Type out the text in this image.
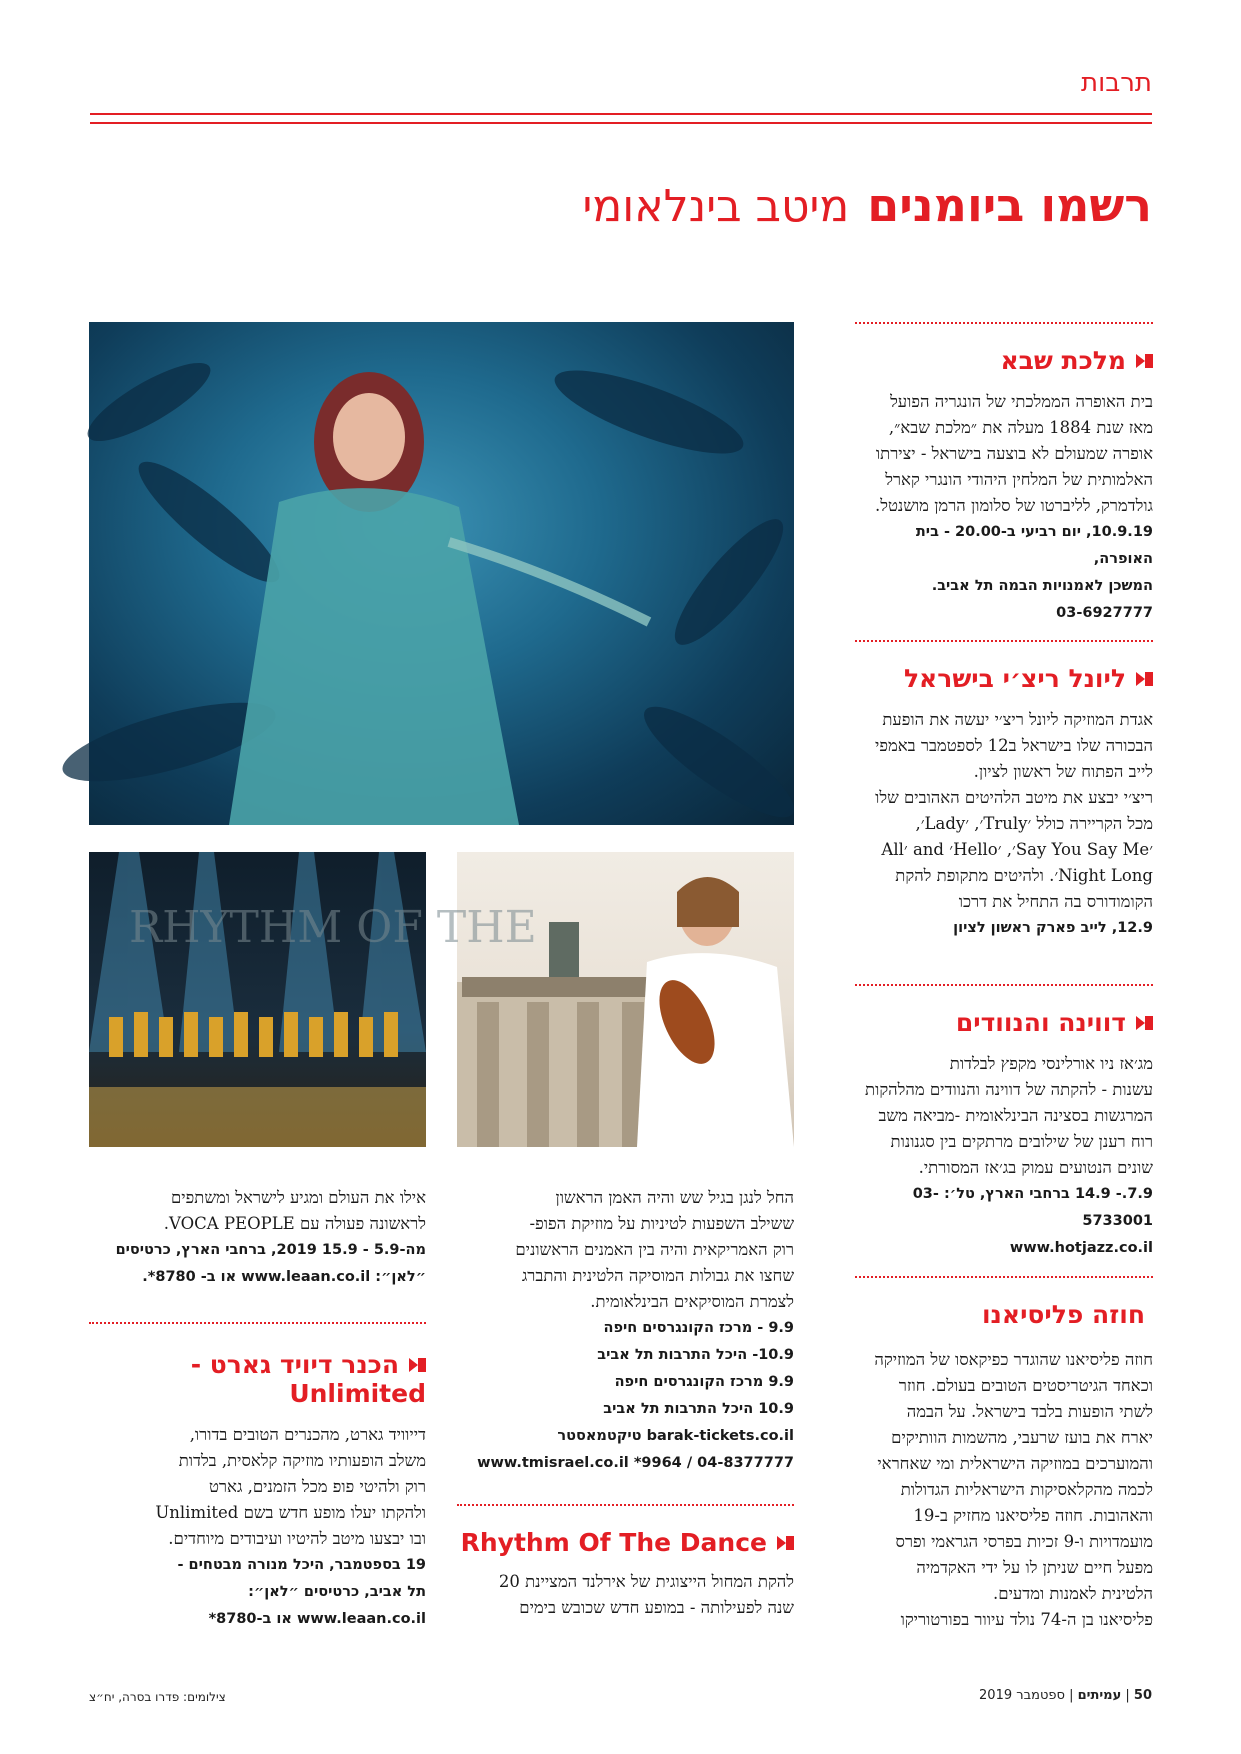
תרבות
רשמו ביומניםמיטב בינלאומי
מלכת שבא
בית האופרה הממלכתי של הונגריה הפועל
מאז שנת 1884 מעלה את ״מלכת שבא״,
אופרה שמעולם לא בוצעה בישראל - יצירתו
האלמותית של המלחין היהודי הונגרי קארל
גולדמרק, לליברטו של סלומון הרמן מושנטל.
10.9.19, יום רביעי ב-20.00 - בית האופרה,
המשכן לאמנויות הבמה תל אביב.
03-6927777
ליונל ריצ׳י בישראל
אגדת המוזיקה ליונל ריצ׳י יעשה את הופעת
הבכורה שלו בישראל ב12 לספטמבר באמפי
לייב הפתוח של ראשון לציון.
ריצ׳י יבצע את מיטב הלהיטים האהובים שלו
מכל הקריירה כולל ׳Truly׳, ׳Lady׳,
׳Say You Say Me׳, ׳Hello׳ and ׳All
Night Long׳. ולהיטים מתקופת להקת
הקומודורס בה התחיל את דרכו
12.9, לייב פארק ראשון לציון
דווינה והנוודים
מג׳אז ניו אורלינסי מקפץ לבלדות
עשנות - להקתה של דווינה והנוודים מהלהקות
המרגשות בסצינה הבינלאומית -מביאה משב
רוח רענן של שילובים מרתקים בין סגנונות
שונים הנטועים עמוק בג׳אז המסורתי.
7.9.- 14.9 ברחבי הארץ, טל׳: 03-5733001
www.hotjazz.co.il
חוזה פליסיאנו
חוזה פליסיאנו שהוגדר כפיקאסו של המוזיקה
וכאחד הגיטריסטים הטובים בעולם. חוזר
לשתי הופעות בלבד בישראל. על הבמה
יארח את בועז שרעבי, מהשמות הוותיקים
והמוערכים במוזיקה הישראלית ומי שאחראי
לכמה מהקלאסיקות הישראליות הגדולות
והאהובות. חוזה פליסיאנו מחזיק ב-19
מועמדויות ו-9 זכיות בפרסי הגראמי ופרס
מפעל חיים שניתן לו על ידי האקדמיה
הלטינית לאמנות ומדעים.
פליסיאנו בן ה-74 נולד עיוור בפורטוריקו
RHYTHM OF THE
החל לנגן בגיל שש והיה האמן הראשון
ששילב השפעות לטיניות על מוזיקת הפופ-
רוק האמריקאית והיה בין האמנים הראשונים
שחצו את גבולות המוסיקה הלטינית והתברג
לצמרת המוסיקאים הבינלאומית.
9.9 - מרכז הקונגרסים חיפה
10.9- היכל התרבות תל אביב
9.9 מרכז הקונגרסים חיפה
10.9 היכל התרבות תל אביב
barak-tickets.co.il טיקטמאסטר
04-8377777 / www.tmisrael.co.il *9964
Rhythm Of The Dance
להקת המחול הייצוגית של אירלנד המציינת 20
שנה לפעילותה - במופע חדש שכובש בימים
אילו את העולם ומגיע לישראל ומשתפים
לראשונה פעולה עם VOCA PEOPLE.
מה-5.9 - 15.9 2019, ברחבי הארץ, כרטיסים
״לאן״: www.leaan.co.il או ב- 8780*.
הכנר דיויד גארט -
Unlimited
דייוויד גארט, מהכנרים הטובים בדורו,
משלב הופעותיו מוזיקה קלאסית, בלדות
רוק ולהיטי פופ מכל הזמנים, גארט
ולהקתו יעלו מופע חדש בשם Unlimited
ובו יבצעו מיטב להיטיו ועיבודים מיוחדים.
19 בספטמבר, היכל מנורה מבטחים -
תל אביב, כרטיסים ״לאן״:
www.leaan.co.il או ב-8780*
50 | עמיתים | ספטמבר 2019
צילומים: פדרו בסרה, יח״צ
